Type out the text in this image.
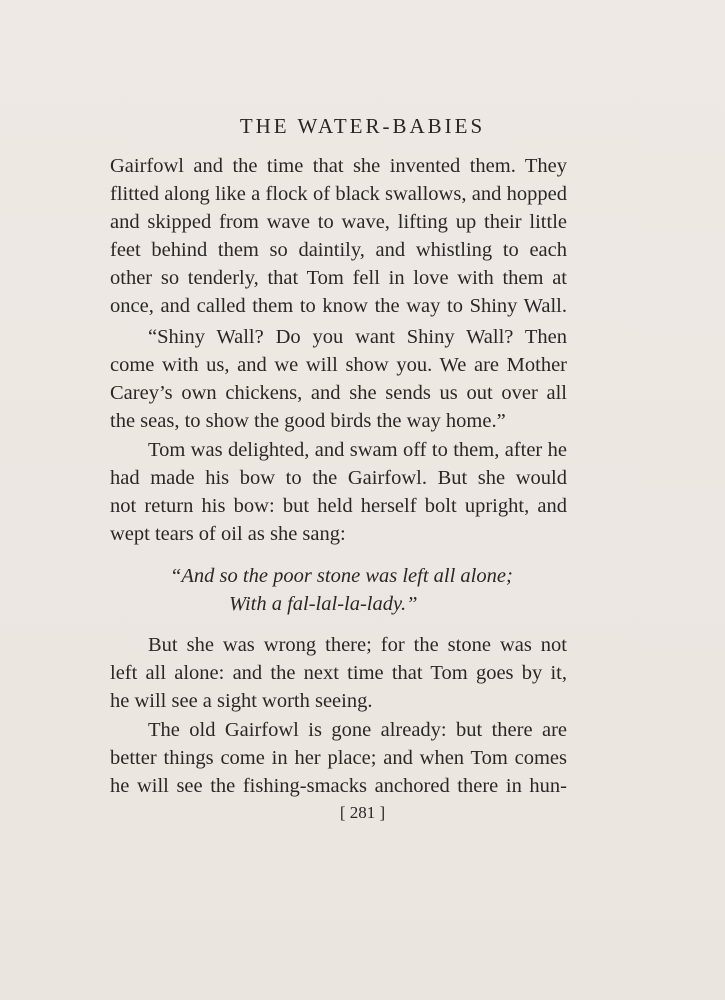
THE WATER-BABIES
Gairfowl and the time that she invented them. They
flitted along like a flock of black swallows, and hopped
and skipped from wave to wave, lifting up their little
feet behind them so daintily, and whistling to each
other so tenderly, that Tom fell in love with them at
once, and called them to know the way to Shiny Wall.
“Shiny Wall? Do you want Shiny Wall? Then
come with us, and we will show you. We are Mother
Carey’s own chickens, and she sends us out over all
the seas, to show the good birds the way home.”
Tom was delighted, and swam off to them, after he
had made his bow to the Gairfowl. But she would
not return his bow: but held herself bolt upright, and
wept tears of oil as she sang:
“And so the poor stone was left all alone;
With a fal-lal-la-lady.”
But she was wrong there; for the stone was not
left all alone: and the next time that Tom goes by it,
he will see a sight worth seeing.
The old Gairfowl is gone already: but there are
better things come in her place; and when Tom comes
he will see the fishing-smacks anchored there in hun-
[ 281 ]
